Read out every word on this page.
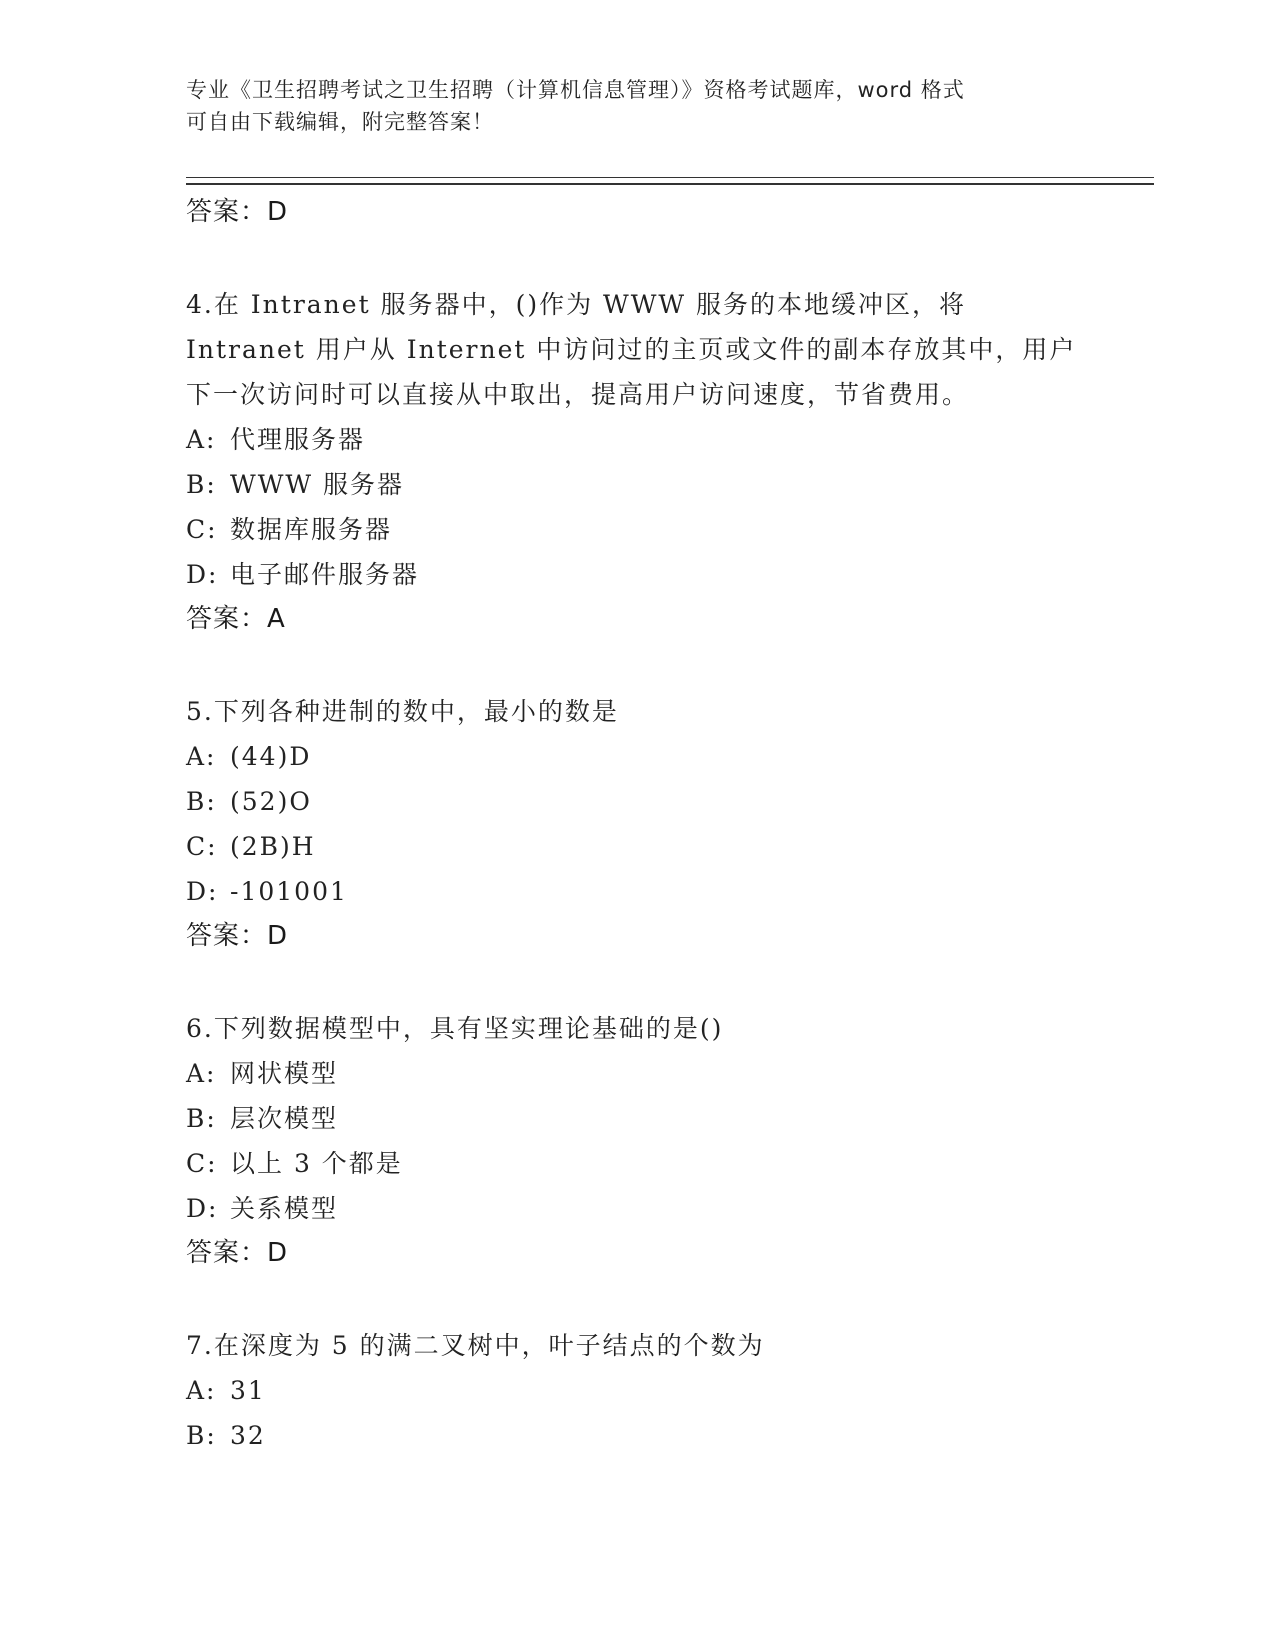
专业《卫生招聘考试之卫生招聘（计算机信息管理）》资格考试题库，word 格式
可自由下载编辑，附完整答案！
答案：D
4.在 Intranet 服务器中，()作为 WWW 服务的本地缓冲区，将 Intranet 用户从 Internet 中访问过的主页或文件的副本存放其中，用户下一次访问时可以直接从中取出，提高用户访问速度，节省费用。
A: 代理服务器
B: WWW 服务器
C: 数据库服务器
D: 电子邮件服务器
答案：A
5.下列各种进制的数中，最小的数是
A: (44)D
B: (52)O
C: (2B)H
D: -101001
答案：D
6.下列数据模型中，具有坚实理论基础的是()
A: 网状模型
B: 层次模型
C: 以上 3 个都是
D: 关系模型
答案：D
7.在深度为 5 的满二叉树中，叶子结点的个数为
A: 31
B: 32
